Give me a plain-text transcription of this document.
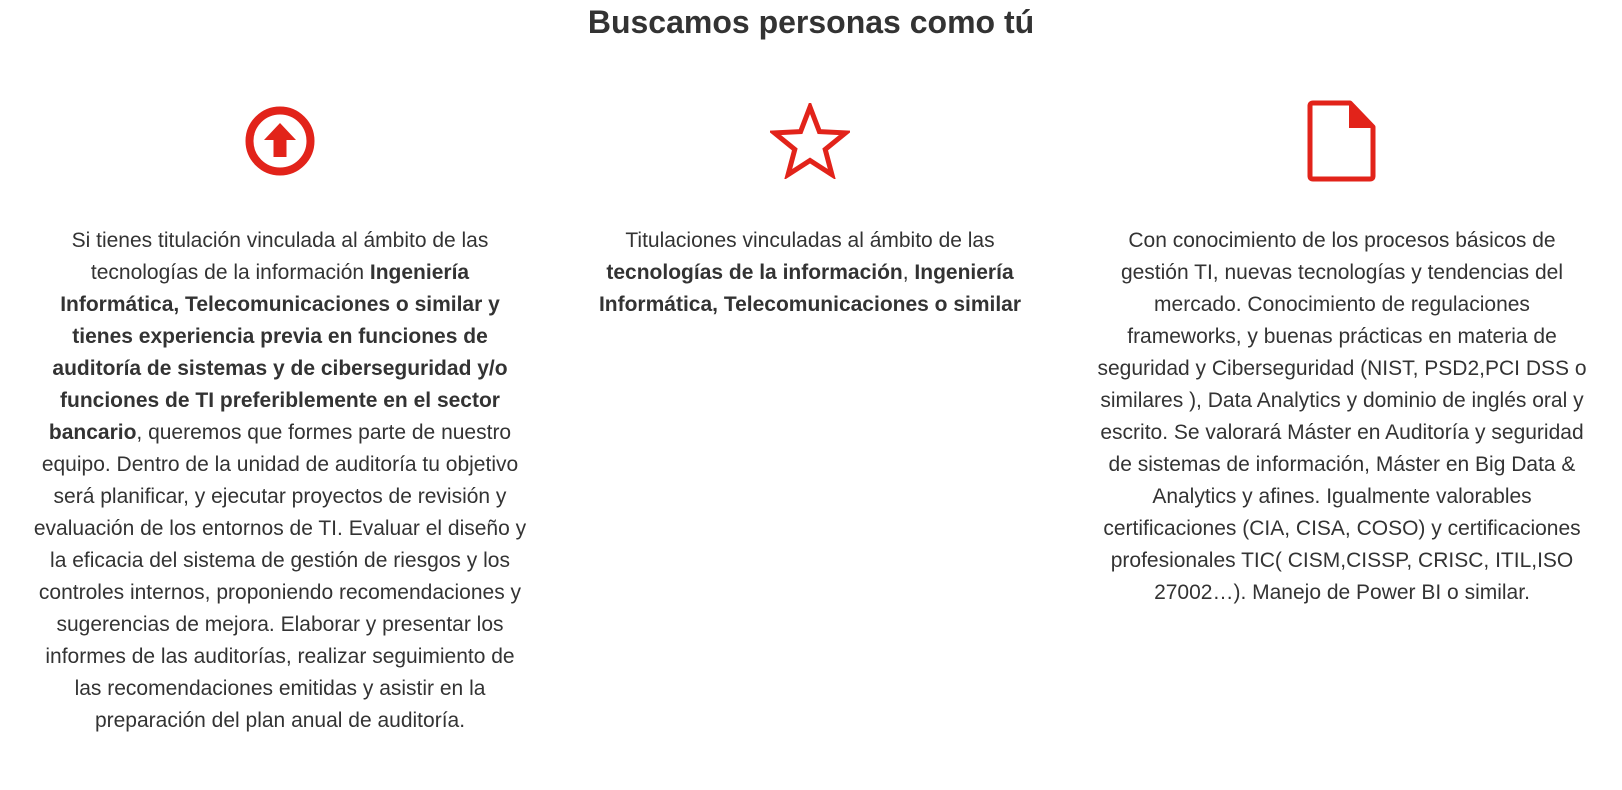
Buscamos personas como tú

Si tienes titulación vinculada al ámbito de las tecnologías de la información Ingeniería Informática, Telecomunicaciones o similar y tienes experiencia previa en funciones de auditoría de sistemas y de ciberseguridad y/o funciones de TI preferiblemente en el sector bancario, queremos que formes parte de nuestro equipo. Dentro de la unidad de auditoría tu objetivo será planificar, y ejecutar proyectos de revisión y evaluación de los entornos de TI. Evaluar el diseño y la eficacia del sistema de gestión de riesgos y los controles internos, proponiendo recomendaciones y sugerencias de mejora. Elaborar y presentar los informes de las auditorías, realizar seguimiento de las recomendaciones emitidas y asistir en la preparación del plan anual de auditoría.

Titulaciones vinculadas al ámbito de las tecnologías de la información, Ingeniería Informática, Telecomunicaciones o similar

Con conocimiento de los procesos básicos de gestión TI, nuevas tecnologías y tendencias del mercado. Conocimiento de regulaciones frameworks, y buenas prácticas en materia de seguridad y Ciberseguridad (NIST, PSD2,PCI DSS o similares ), Data Analytics y dominio de inglés oral y escrito. Se valorará Máster en Auditoría y seguridad de sistemas de información, Máster en Big Data & Analytics y afines. Igualmente valorables certificaciones (CIA, CISA, COSO) y certificaciones profesionales TIC( CISM,CISSP, CRISC, ITIL,ISO 27002…). Manejo de Power BI o similar.
